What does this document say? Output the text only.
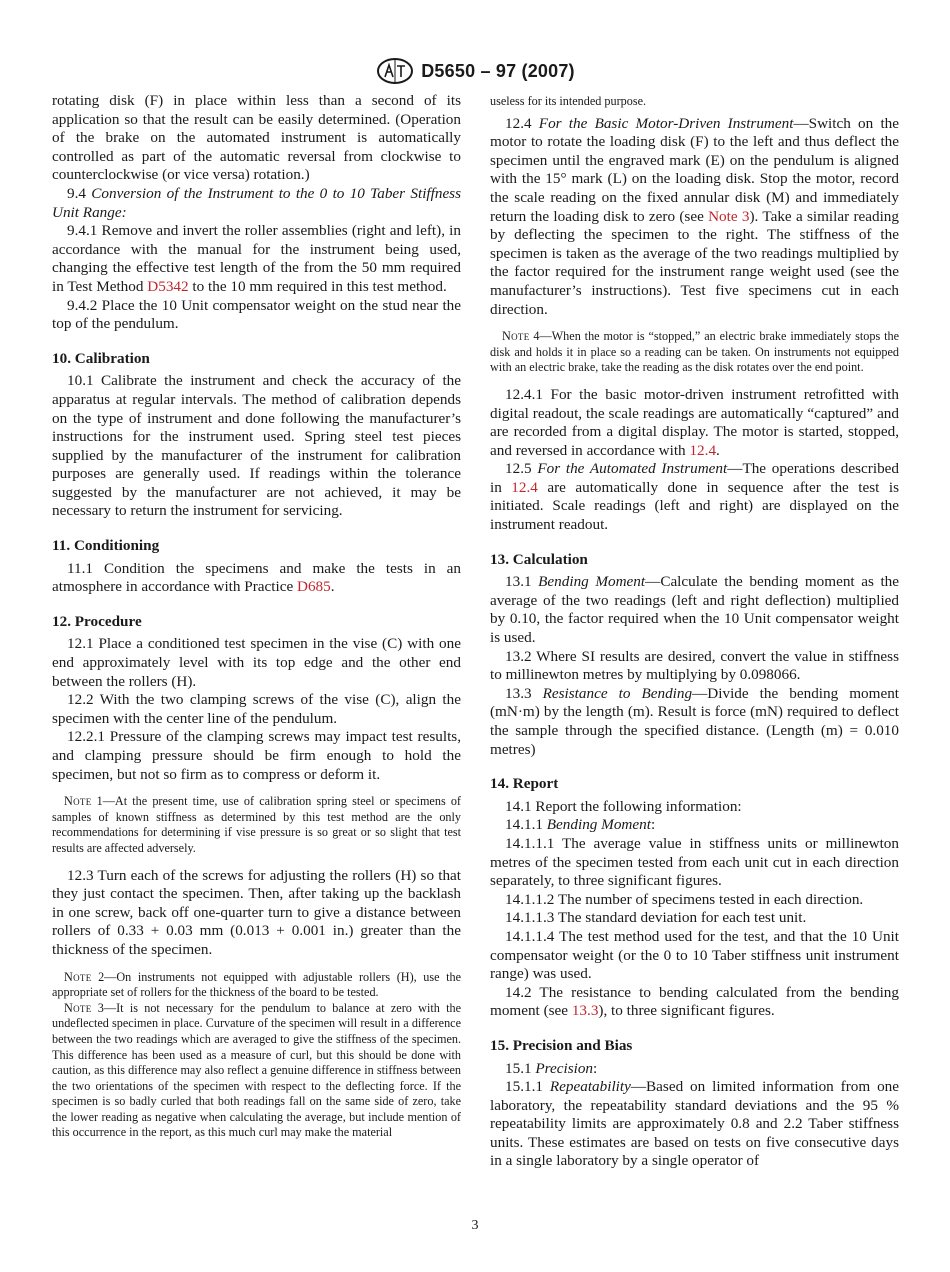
D5650 – 97 (2007)

rotating disk (F) in place within less than a second of its application so that the result can be easily determined. (Operation of the brake on the automated instrument is automatically controlled as part of the automatic reversal from clockwise to counterclockwise (or vice versa) rotation.)

9.4 Conversion of the Instrument to the 0 to 10 Taber Stiffness Unit Range:

9.4.1 Remove and invert the roller assemblies (right and left), in accordance with the manual for the instrument being used, changing the effective test length of the from the 50 mm required in Test Method D5342 to the 10 mm required in this test method.

9.4.2 Place the 10 Unit compensator weight on the stud near the top of the pendulum.

10. Calibration

10.1 Calibrate the instrument and check the accuracy of the apparatus at regular intervals. The method of calibration depends on the type of instrument and done following the manufacturer’s instructions for the instrument used. Spring steel test pieces supplied by the manufacturer of the instrument for calibration purposes are generally used. If readings within the tolerance suggested by the manufacturer are not achieved, it may be necessary to return the instrument for servicing.

11. Conditioning

11.1 Condition the specimens and make the tests in an atmosphere in accordance with Practice D685.

12. Procedure

12.1 Place a conditioned test specimen in the vise (C) with one end approximately level with its top edge and the other end between the rollers (H).

12.2 With the two clamping screws of the vise (C), align the specimen with the center line of the pendulum.

12.2.1 Pressure of the clamping screws may impact test results, and clamping pressure should be firm enough to hold the specimen, but not so firm as to compress or deform it.

Note 1—At the present time, use of calibration spring steel or specimens of samples of known stiffness as determined by this test method are the only recommendations for determining if vise pressure is so great or so slight that test results are affected adversely.

12.3 Turn each of the screws for adjusting the rollers (H) so that they just contact the specimen. Then, after taking up the backlash in one screw, back off one-quarter turn to give a distance between rollers of 0.33 + 0.03 mm (0.013 + 0.001 in.) greater than the thickness of the specimen.

Note 2—On instruments not equipped with adjustable rollers (H), use the appropriate set of rollers for the thickness of the board to be tested.

Note 3—It is not necessary for the pendulum to balance at zero with the undeflected specimen in place. Curvature of the specimen will result in a difference between the two readings which are averaged to give the stiffness of the specimen. This difference has been used as a measure of curl, but this should be done with caution, as this difference may also reflect a genuine difference in stiffness between the two orientations of the specimen with respect to the deflecting force. If the specimen is so badly curled that both readings fall on the same side of zero, take the lower reading as negative when calculating the average, but include mention of this occurrence in the report, as this much curl may make the material

useless for its intended purpose.

12.4 For the Basic Motor-Driven Instrument—Switch on the motor to rotate the loading disk (F) to the left and thus deflect the specimen until the engraved mark (E) on the pendulum is aligned with the 15° mark (L) on the loading disk. Stop the motor, record the scale reading on the fixed annular disk (M) and immediately return the loading disk to zero (see Note 3). Take a similar reading by deflecting the specimen to the right. The stiffness of the specimen is taken as the average of the two readings multiplied by the factor required for the instrument range weight used (see the manufacturer’s instructions). Test five specimens cut in each direction.

Note 4—When the motor is “stopped,” an electric brake immediately stops the disk and holds it in place so a reading can be taken. On instruments not equipped with an electric brake, take the reading as the disk rotates over the end point.

12.4.1 For the basic motor-driven instrument retrofitted with digital readout, the scale readings are automatically “captured” and are recorded from a digital display. The motor is started, stopped, and reversed in accordance with 12.4.

12.5 For the Automated Instrument—The operations described in 12.4 are automatically done in sequence after the test is initiated. Scale readings (left and right) are displayed on the instrument readout.

13. Calculation

13.1 Bending Moment—Calculate the bending moment as the average of the two readings (left and right deflection) multiplied by 0.10, the factor required when the 10 Unit compensator weight is used.

13.2 Where SI results are desired, convert the value in stiffness to millinewton metres by multiplying by 0.098066.

13.3 Resistance to Bending—Divide the bending moment (mN·m) by the length (m). Result is force (mN) required to deflect the sample through the specified distance. (Length (m) = 0.010 metres)

14. Report

14.1 Report the following information:

14.1.1 Bending Moment:

14.1.1.1 The average value in stiffness units or millinewton metres of the specimen tested from each unit cut in each direction separately, to three significant figures.

14.1.1.2 The number of specimens tested in each direction.

14.1.1.3 The standard deviation for each test unit.

14.1.1.4 The test method used for the test, and that the 10 Unit compensator weight (or the 0 to 10 Taber stiffness unit instrument range) was used.

14.2 The resistance to bending calculated from the bending moment (see 13.3), to three significant figures.

15. Precision and Bias

15.1 Precision:

15.1.1 Repeatability—Based on limited information from one laboratory, the repeatability standard deviations and the 95 % repeatability limits are approximately 0.8 and 2.2 Taber stiffness units. These estimates are based on tests on five consecutive days in a single laboratory by a single operator of

3
